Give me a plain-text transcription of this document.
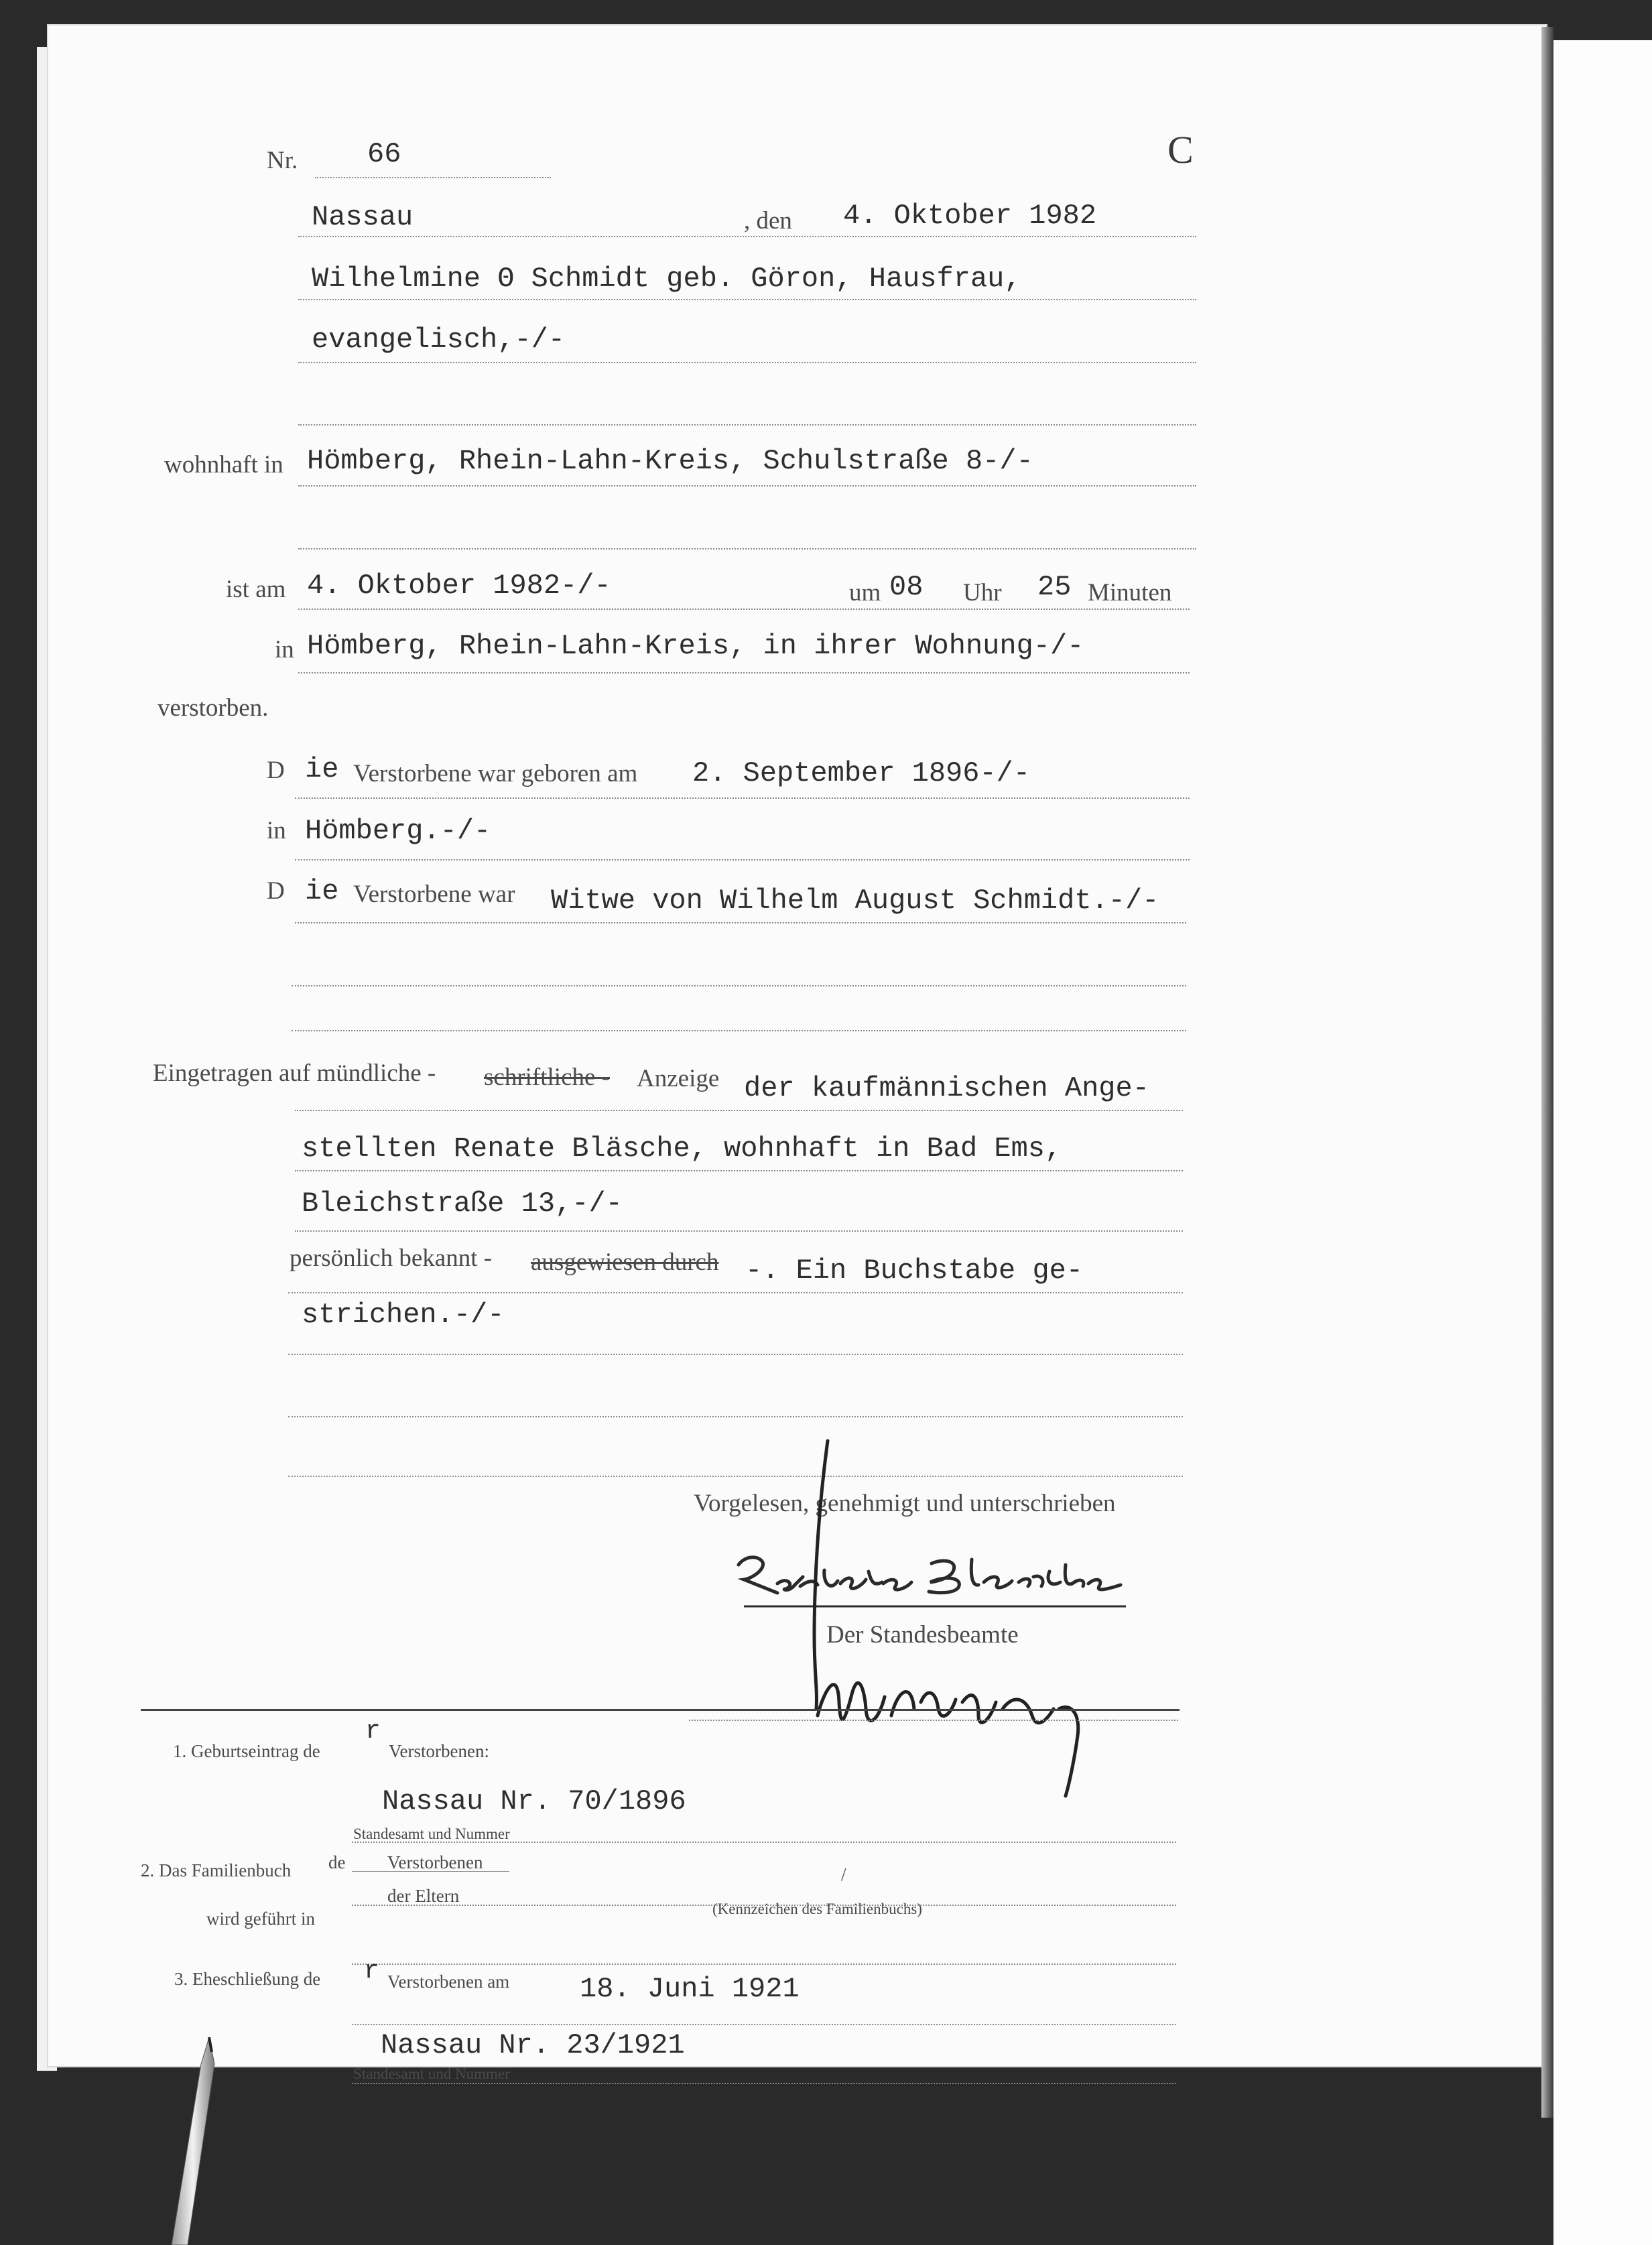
Nr. 66	C
Nassau	, den 4. Oktober 1982
Wilhelmine Θ Schmidt geb. Göron, Hausfrau,
evangelisch,-/-
wohnhaft in Hömberg, Rhein-Lahn-Kreis, Schulstraße 8-/-
ist am 4. Oktober 1982-/-	um 08 Uhr 25 Minuten
in Hömberg, Rhein-Lahn-Kreis, in ihrer Wohnung-/-
verstorben.
D ie Verstorbene war geboren am 2. September 1896-/-
in Hömberg.-/-
D ie Verstorbene war Witwe von Wilhelm August Schmidt.-/-
Eingetragen auf mündliche - schriftliche - Anzeige der kaufmännischen Ange-
stellten Renate Bläsche, wohnhaft in Bad Ems,
Bleichstraße 13,-/-
persönlich bekannt - ausgewiesen durch -. Ein Buchstabe ge-
strichen.-/-
Vorgelesen, genehmigt und unterschrieben
Der Standesbeamte
1. Geburtseintrag de
r
Verstorbenen:
Nassau Nr. 70/1896
Standesamt und Nummer
2. Das Familienbuch de Verstorbenen
/
der Eltern
(Kennzeichen des Familienbuchs)
wird geführt in
3. Eheschließung de r Verstorbenen am 18. Juni 1921
Nassau Nr. 23/1921
Standesamt und Nummer
